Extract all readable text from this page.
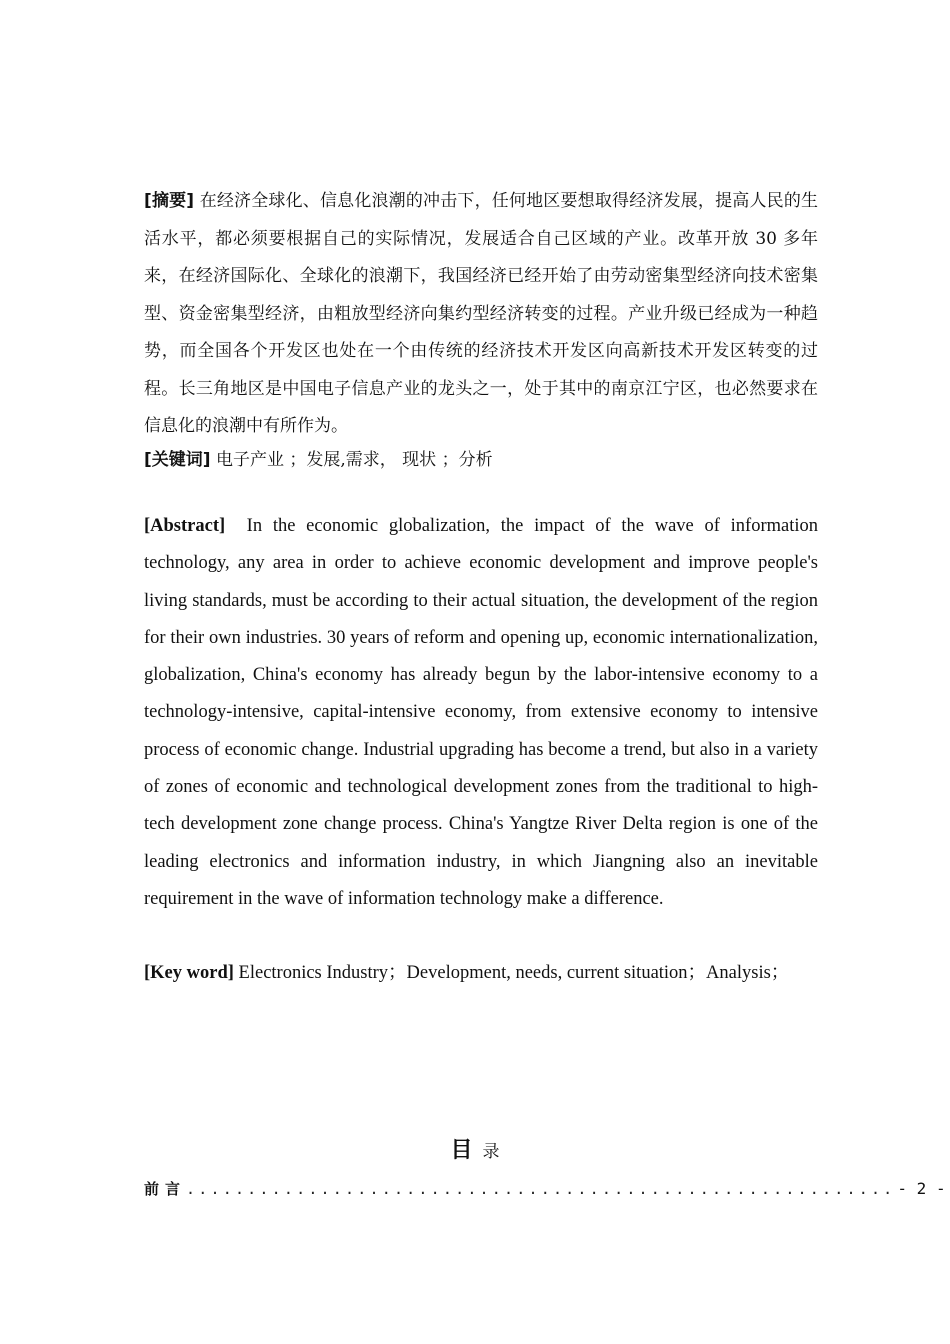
[摘要] 在经济全球化、信息化浪潮的冲击下，任何地区要想取得经济发展，提高人民的生活水平，都必须要根据自己的实际情况，发展适合自己区域的产业。改革开放 30 多年来，在经济国际化、全球化的浪潮下，我国经济已经开始了由劳动密集型经济向技术密集型、资金密集型经济，由粗放型经济向集约型经济转变的过程。产业升级已经成为一种趋势，而全国各个开发区也处在一个由传统的经济技术开发区向高新技术开发区转变的过程。长三角地区是中国电子信息产业的龙头之一，处于其中的南京江宁区，也必然要求在信息化的浪潮中有所作为。
[关键词] 电子产业 ；发展,需求， 现状 ；分析
[Abstract] In the economic globalization, the impact of the wave of information technology, any area in order to achieve economic development and improve people's living standards, must be according to their actual situation, the development of the region for their own industries. 30 years of reform and opening up, economic internationalization, globalization, China's economy has already begun by the labor-intensive economy to a technology-intensive, capital-intensive economy, from extensive economy to intensive process of economic change. Industrial upgrading has become a trend, but also in a variety of zones of economic and technological development zones from the traditional to high-tech development zone change process. China's Yangtze River Delta region is one of the leading electronics and information industry, in which Jiangning also an inevitable requirement in the wave of information technology make a difference.
[Key word] Electronics Industry；Development, needs, current situation；Analysis；
目 录
前言 .......................................................... - 2 -
